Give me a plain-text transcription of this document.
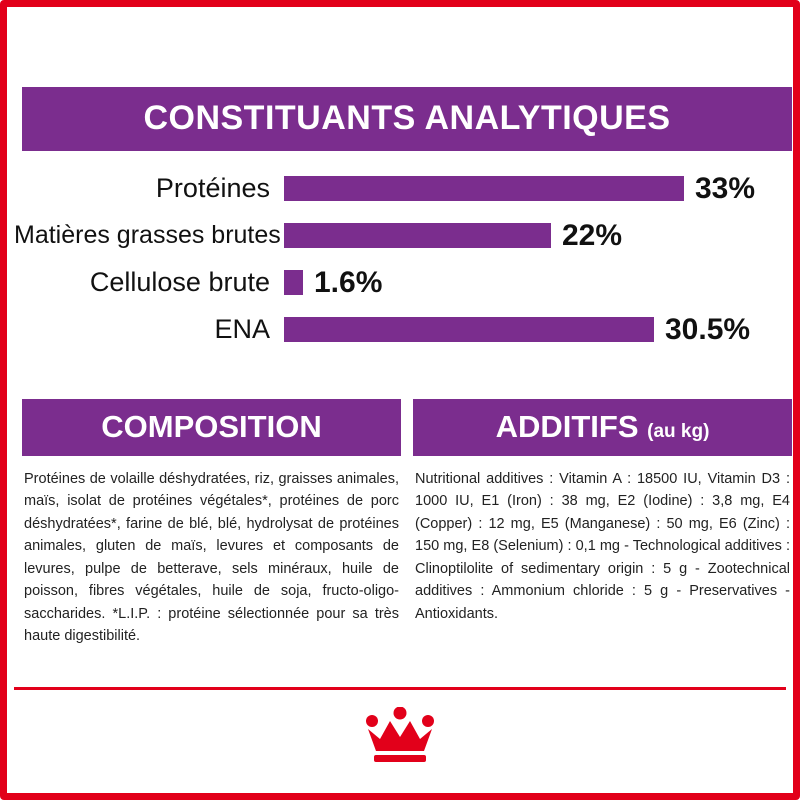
CONSTITUANTS ANALYTIQUES
Protéines	33%
Matières grasses brutes	22%
Cellulose brute	1.6%
ENA	30.5%
COMPOSITION
Protéines de volaille déshydratées, riz, graisses animales, maïs, isolat de protéines végétales*, protéines de porc déshydratées*, farine de blé, blé, hydrolysat de protéines animales, gluten de maïs, levures et composants de levures, pulpe de betterave, sels minéraux, huile de poisson, fibres végétales, huile de soja, fructo-oligo-saccharides. *L.I.P. : protéine sélectionnée pour sa très haute digestibilité.
ADDITIFS (au kg)
Nutritional additives : Vitamin A : 18500 IU, Vitamin D3 : 1000 IU, E1 (Iron) : 38 mg, E2 (Iodine) : 3,8 mg, E4 (Copper) : 12 mg, E5 (Manganese) : 50 mg, E6 (Zinc) : 150 mg, E8 (Selenium) : 0,1 mg - Technological additives : Clinoptilolite of sedimentary origin : 5 g - Zootechnical additives : Ammonium chloride : 5 g - Preservatives - Antioxidants.
